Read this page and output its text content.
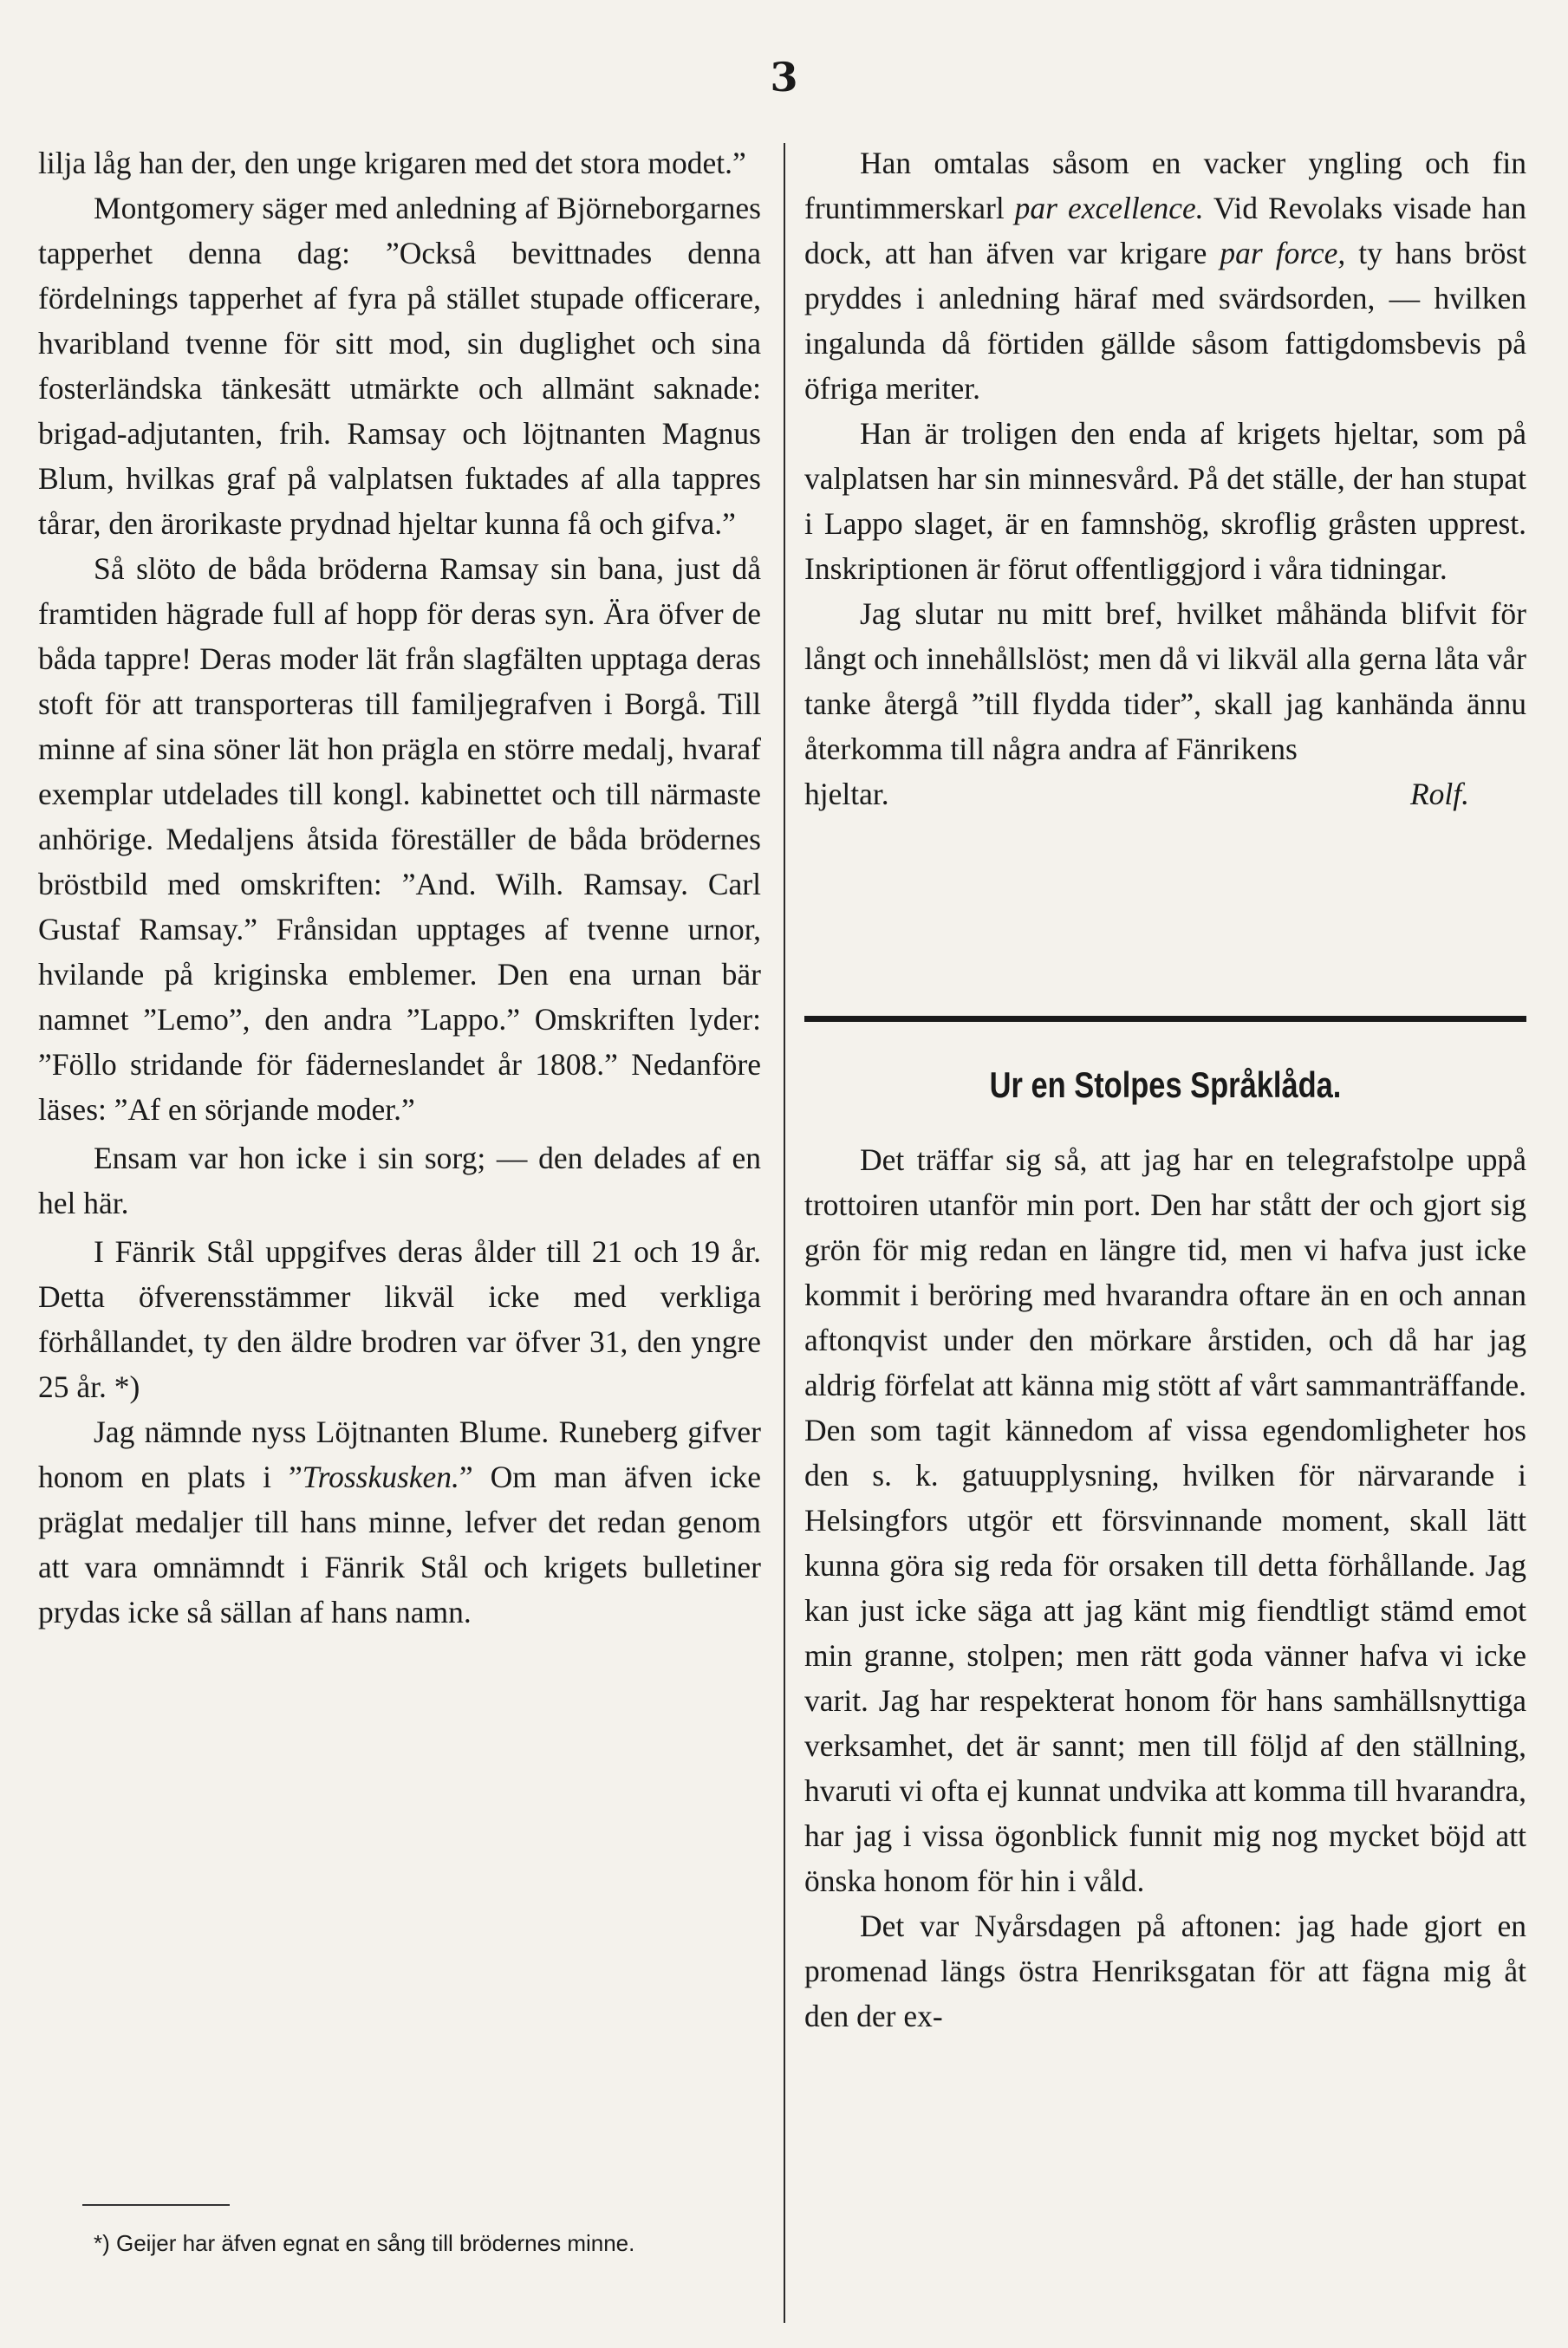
3

lilja låg han der, den unge krigaren med det stora modet.”

Montgomery säger med anledning af Björneborgarnes tapperhet denna dag: ”Också bevittnades denna fördelnings tapperhet af fyra på stället stupade officerare, hvaribland tvenne för sitt mod, sin duglighet och sina fosterländska tänkesätt utmärkte och allmänt saknade: brigad-adjutanten, frih. Ramsay och löjtnanten Magnus Blum, hvilkas graf på valplatsen fuktades af alla tappres tårar, den ärorikaste prydnad hjeltar kunna få och gifva.”

Så slöto de båda bröderna Ramsay sin bana, just då framtiden hägrade full af hopp för deras syn. Ära öfver de båda tappre! Deras moder lät från slagfälten upptaga deras stoft för att transporteras till familjegrafven i Borgå. Till minne af sina söner lät hon prägla en större medalj, hvaraf exemplar utdelades till kongl. kabinettet och till närmaste anhörige. Medaljens åtsida föreställer de båda brödernes bröstbild med omskriften: ”And. Wilh. Ramsay. Carl Gustaf Ramsay.” Frånsidan upptages af tvenne urnor, hvilande på kriginska emblemer. Den ena urnan bär namnet ”Lemo”, den andra ”Lappo.” Omskriften lyder: ”Föllo stridande för fäderneslandet år 1808.” Nedanföre läses: ”Af en sörjande moder.”

Ensam var hon icke i sin sorg; — den delades af en hel här.

I Fänrik Stål uppgifves deras ålder till 21 och 19 år. Detta öfverensstämmer likväl icke med verkliga förhållandet, ty den äldre brodren var öfver 31, den yngre 25 år. *)

Jag nämnde nyss Löjtnanten Blume. Runeberg gifver honom en plats i ”Trosskusken.” Om man äfven icke präglat medaljer till hans minne, lefver det redan genom att vara omnämndt i Fänrik Stål och krigets bulletiner prydas icke så sällan af hans namn.

*) Geijer har äfven egnat en sång till brödernes minne.

Han omtalas såsom en vacker yngling och fin fruntimmerskarl par excellence. Vid Revolaks visade han dock, att han äfven var krigare par force, ty hans bröst pryddes i anledning häraf med svärdsorden, — hvilken ingalunda då förtiden gällde såsom fattigdomsbevis på öfriga meriter.

Han är troligen den enda af krigets hjeltar, som på valplatsen har sin minnesvård. På det ställe, der han stupat i Lappo slaget, är en famnshög, skroflig gråsten upprest. Inskriptionen är förut offentliggjord i våra tidningar.

Jag slutar nu mitt bref, hvilket måhända blifvit för långt och innehållslöst; men då vi likväl alla gerna låta vår tanke återgå ”till flydda tider”, skall jag kanhända ännu återkomma till några andra af Fänrikens

hjeltar.	Rolf.
Ur en Stolpes Språklåda.

Det träffar sig så, att jag har en telegrafstolpe uppå trottoiren utanför min port. Den har stått der och gjort sig grön för mig redan en längre tid, men vi hafva just icke kommit i beröring med hvarandra oftare än en och annan aftonqvist under den mörkare årstiden, och då har jag aldrig förfelat att känna mig stött af vårt sammanträffande. Den som tagit kännedom af vissa egendomligheter hos den s. k. gatuupplysning, hvilken för närvarande i Helsingfors utgör ett försvinnande moment, skall lätt kunna göra sig reda för orsaken till detta förhållande. Jag kan just icke säga att jag känt mig fiendtligt stämd emot min granne, stolpen; men rätt goda vänner hafva vi icke varit. Jag har respekterat honom för hans samhällsnyttiga verksamhet, det är sannt; men till följd af den ställning, hvaruti vi ofta ej kunnat undvika att komma till hvarandra, har jag i vissa ögonblick funnit mig nog mycket böjd att önska honom för hin i våld.

Det var Nyårsdagen på aftonen: jag hade gjort en promenad längs östra Henriksgatan för att fägna mig åt den der ex-
